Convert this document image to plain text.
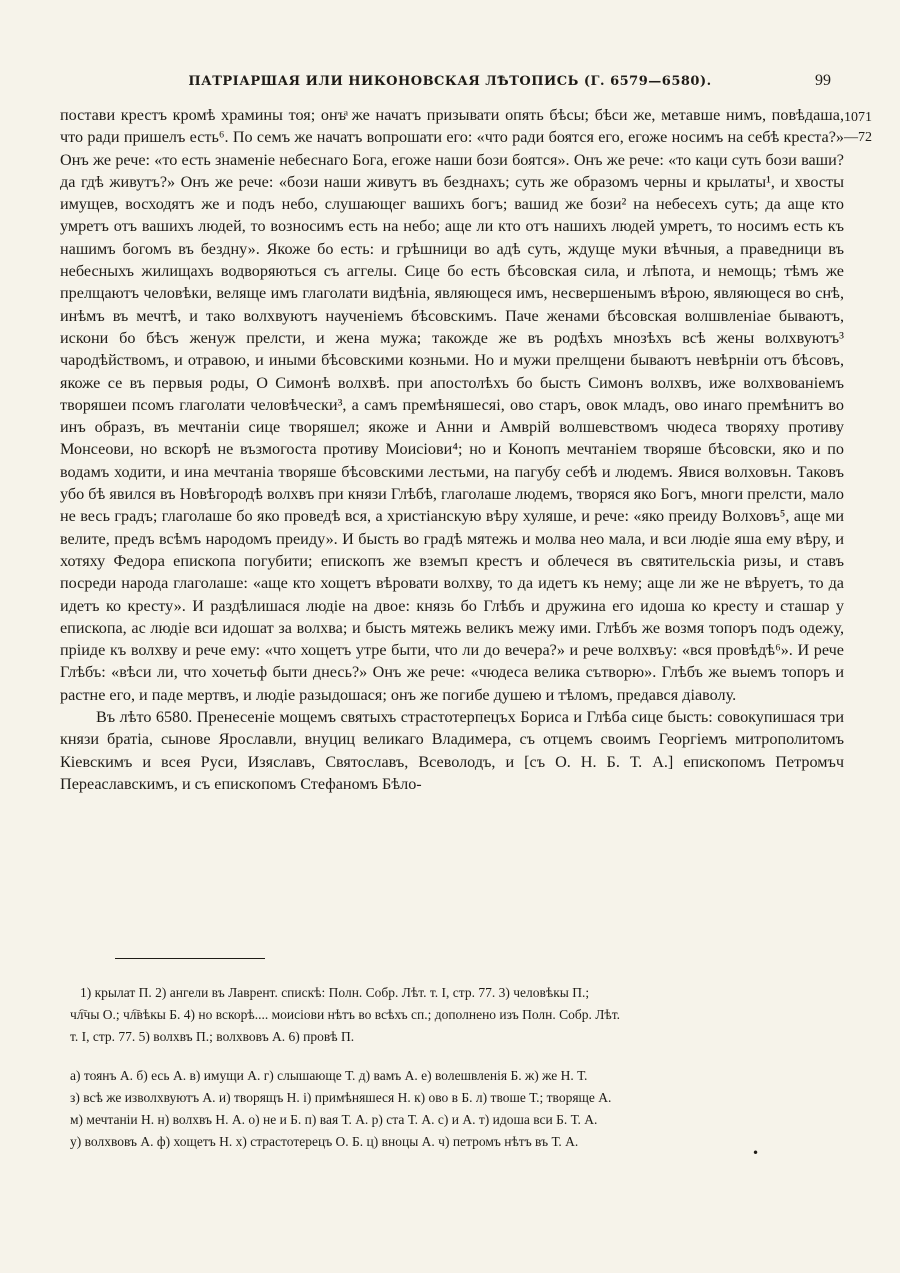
ПАТРІАРШАЯ ИЛИ НИКОНОВСКАЯ ЛѢТОПИСЬ (Г. 6579—6580).	99
1071
—72

постави крестъ кромѣ храмины тоя; онъͣ же начатъ призывати опять бѣсы; бѣси же, метавше нимъ, повѣдаша, что ради пришелъ есть⁶. По семъ же начатъ вопрошати его: «что ради боятся его, егоже носимъ на себѣ креста?» Онъ же рече: «то есть знаменіе небеснаго Бога, егоже наши бози боятся». Онъ же рече: «то каци суть бози ваши? да гдѣ живутъ?» Онъ же рече: «бози наши живутъ въ безднахъ; суть же образомъ черны и крылаты¹, и хвосты имуще͏в, восходятъ же и подъ небо, слушающе͏г вашихъ богъ; ваши͏д же бози² на небесехъ суть; да аще кто умретъ отъ вашихъ людей, то вознoсимъ есть на небо; аще ли кто отъ нашихъ людей умретъ, то носимъ есть къ нашимъ богомъ въ бездну». Якоже бо есть: и грѣшници во адѣ суть, ждуще муки вѣчныя, а праведници въ небесныхъ жилищахъ водворяються съ аггелы. Сице бо есть бѣсовская сила, и лѣпота, и немощь; тѣмъ же прелщаютъ человѣки, веляще имъ глаголати видѣніа, являющеся имъ, несвершенымъ вѣрою, являющеся во снѣ, инѣмъ въ мечтѣ, и тако волхвуютъ наученіемъ бѣсовскимъ. Паче женами бѣсовская волшвленіа͏е бываютъ, искони бо бѣсъ жену͏ж прелсти, и жена мужа; такожде же въ родѣхъ мнозѣхъ всѣ жены волхвуютъ³ чародѣйствомъ, и отравою, и иными бѣсовскими козньми. Но и мужи прелщени бываютъ невѣрніи отъ бѣсовъ, якоже се въ первыя роды, О Симонѣ волхвѣ. при апостолѣхъ бо бысть Симонъ волхвъ, иже волхвованіемъ творяше͏и псомъ глаголати человѣчески³, а самъ премѣняшеся͏і, ово старъ, ово͏к младъ, ово инаго премѣнитъ во инъ образъ, въ мечтаніи сице творяше͏л; якоже и Анни и Амврій волшевствомъ чюдеса творяху противу Монсеови, но вскорѣ не възмогоста противу Моисіови⁴; но и Конопъ мечтаніе͏м творяше бѣсовски, яко и по водамъ ходити, и ина мечтаніа творяше бѣсовскими лестьми, на пагубу себѣ и людемъ. Явися волховъ͏н. Таковъ убо бѣ явился въ Новѣгородѣ волхвъ при князи Глѣбѣ, глаголаше людемъ, творяся яко Богъ, многи прелсти, мало не весь градъ; глаголаше бо яко проведѣ вся, а христіанскую вѣру хуляше, и рече: «яко преиду Волховъ⁵, аще ми велите, предъ всѣмъ народомъ преиду». И бысть во градѣ мятежь и молва не͏о мала, и вси людіе яша ему вѣру, и хотяху Федора епископа погубити; епископъ же вземъ͏п крестъ и облечеся въ святительскіа ризы, и ставъ посреди народа глаголаше: «аще кто хощетъ вѣровати волхву, то да идетъ къ нему; аще ли же не вѣруетъ, то да идетъ ко кресту». И раздѣлишася людіе на двое: князь бо Глѣбъ и дружина его идоша ко кресту и сташа͏р у епископа, а͏с людіе вси идоша͏т за волхва; и бысть мятежь великъ межу ими. Глѣбъ же возмя топоръ подъ одежу, пріиде къ волхву и рече ему: «что хощетъ утре быти, что ли до вечера?» и рече волхвъ͏у: «вся провѣдѣ⁶». И рече Глѣбъ: «вѣси ли, что хочеть͏ф быти днесь?» Онъ же рече: «чюдеса велика сътворю». Глѣбъ же выемъ топоръ и растне его, и паде мертвъ, и людіе разыдошася; онъ же погибе душею и тѣломъ, предався діаволу.

Въ лѣто 6580. Пренесеніе мощемъ святыхъ страстотерпецъ͏х Бориса и Глѣба сице бысть: совокупишася три князи братіа, сынове Ярославли, внуци͏ц великаго Владимера, съ отцемъ своимъ Георгіемъ митрополитомъ Кіевскимъ и всея Руси, Изяславъ, Святославъ, Всеволодъ, и [съ О. Н. Б. Т. А.] епископомъ Петромъ͏ч Переаславскимъ, и съ епископомъ Стефаномъ Бѣло-

1) крылат П. 2) ангели въ Лаврент. спискѣ: Полн. Собр. Лѣт. т. I, стр. 77. 3) человѣкы П.;
чл҇чы О.; чл҇вѣкы Б. 4) но вскорѣ.... моисіови нѣтъ во всѣхъ сп.; дополнено изъ Полн. Собр. Лѣт.
т. I, стр. 77. 5) волхвъ П.; волхвовъ А. 6) провѣ П.
а) тоянъ А. б) есь А. в) имущи А. г) слышающе Т. д) вамъ А. е) волешвленія Б. ж) же Н. Т.
з) всѣ же изволхвуютъ А. и) творящъ Н. і) примѣняшеся Н. к) ово в Б. л) твоше Т.; творяще А.
м) мечтаніи Н. н) волхвъ Н. А. о) не и Б. п) вая Т. А. р) ста Т. А. с) и А. т) идоша вси Б. Т. А.
у) волхвовъ А. ф) хощетъ Н. х) страстотерецъ О. Б. ц) вноцы А. ч) петромъ нѣтъ въ Т. А.
•
